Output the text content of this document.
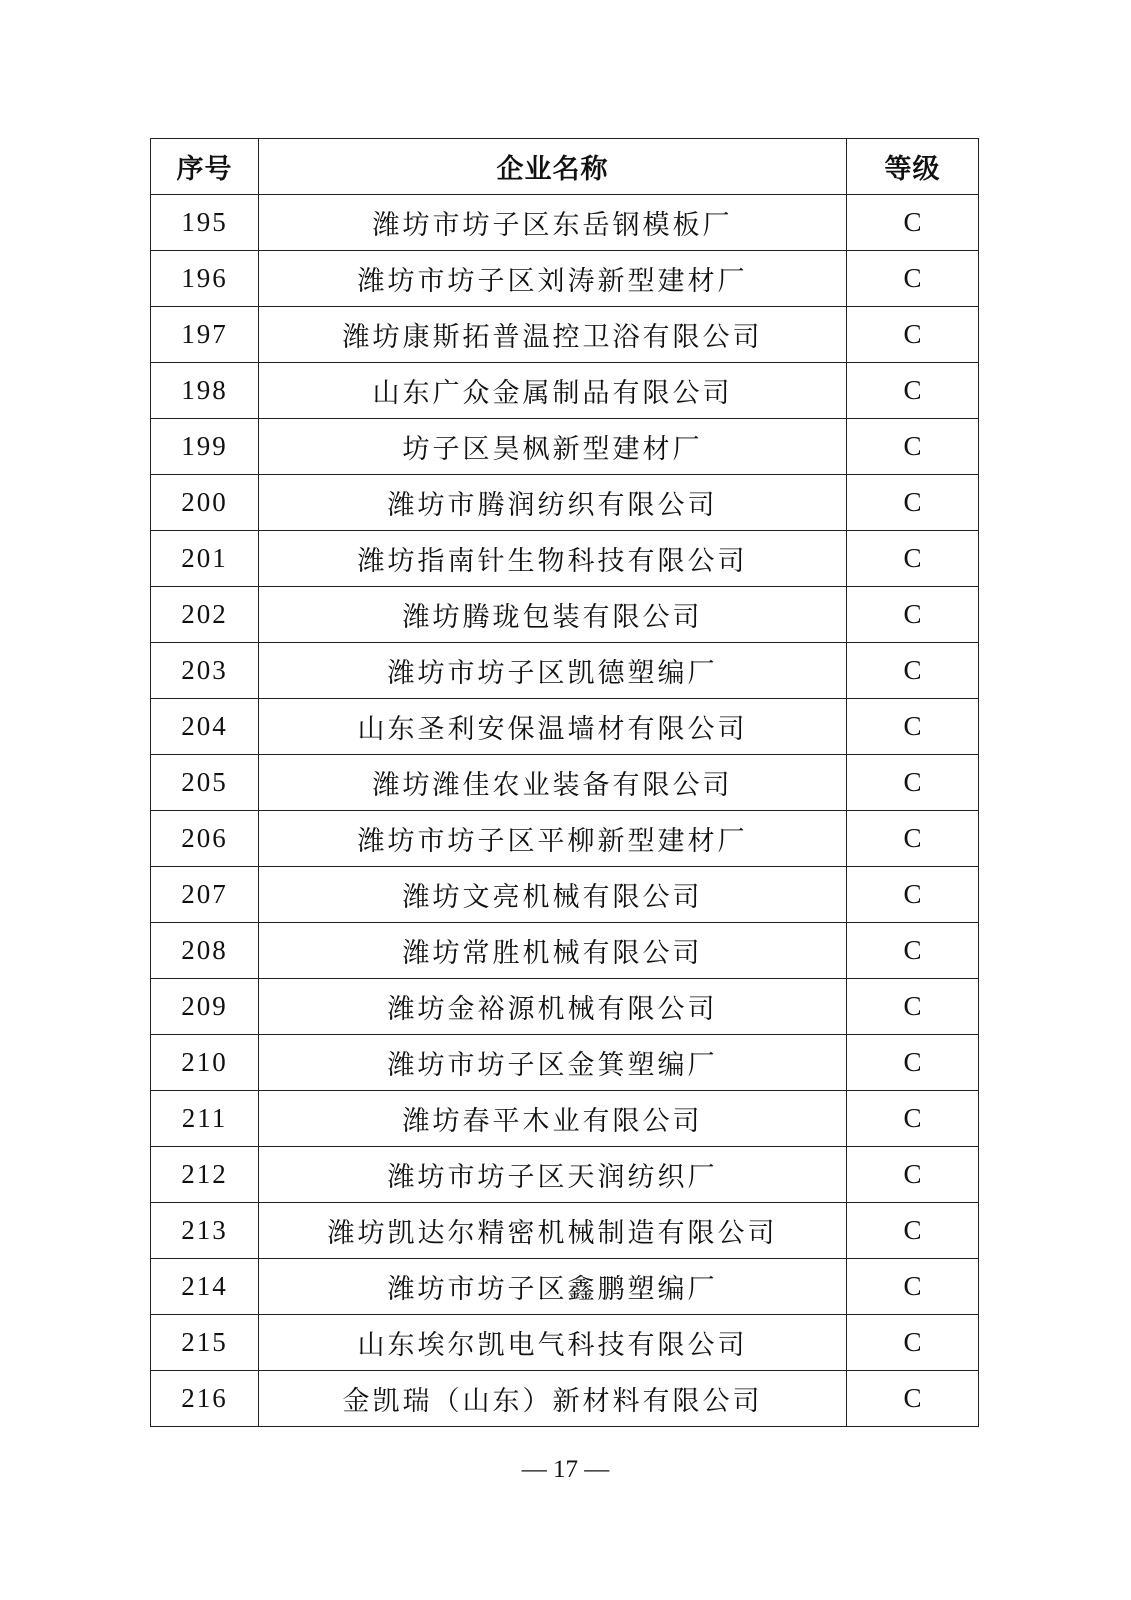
序号	企业名称	等级
195	潍坊市坊子区东岳钢模板厂	C
196	潍坊市坊子区刘涛新型建材厂	C
197	潍坊康斯拓普温控卫浴有限公司	C
198	山东广众金属制品有限公司	C
199	坊子区昊枫新型建材厂	C
200	潍坊市腾润纺织有限公司	C
201	潍坊指南针生物科技有限公司	C
202	潍坊腾珑包装有限公司	C
203	潍坊市坊子区凯德塑编厂	C
204	山东圣利安保温墙材有限公司	C
205	潍坊潍佳农业装备有限公司	C
206	潍坊市坊子区平柳新型建材厂	C
207	潍坊文亮机械有限公司	C
208	潍坊常胜机械有限公司	C
209	潍坊金裕源机械有限公司	C
210	潍坊市坊子区金箕塑编厂	C
211	潍坊春平木业有限公司	C
212	潍坊市坊子区天润纺织厂	C
213	潍坊凯达尔精密机械制造有限公司	C
214	潍坊市坊子区鑫鹏塑编厂	C
215	山东埃尔凯电气科技有限公司	C
216	金凯瑞（山东）新材料有限公司	C
— 17 —
